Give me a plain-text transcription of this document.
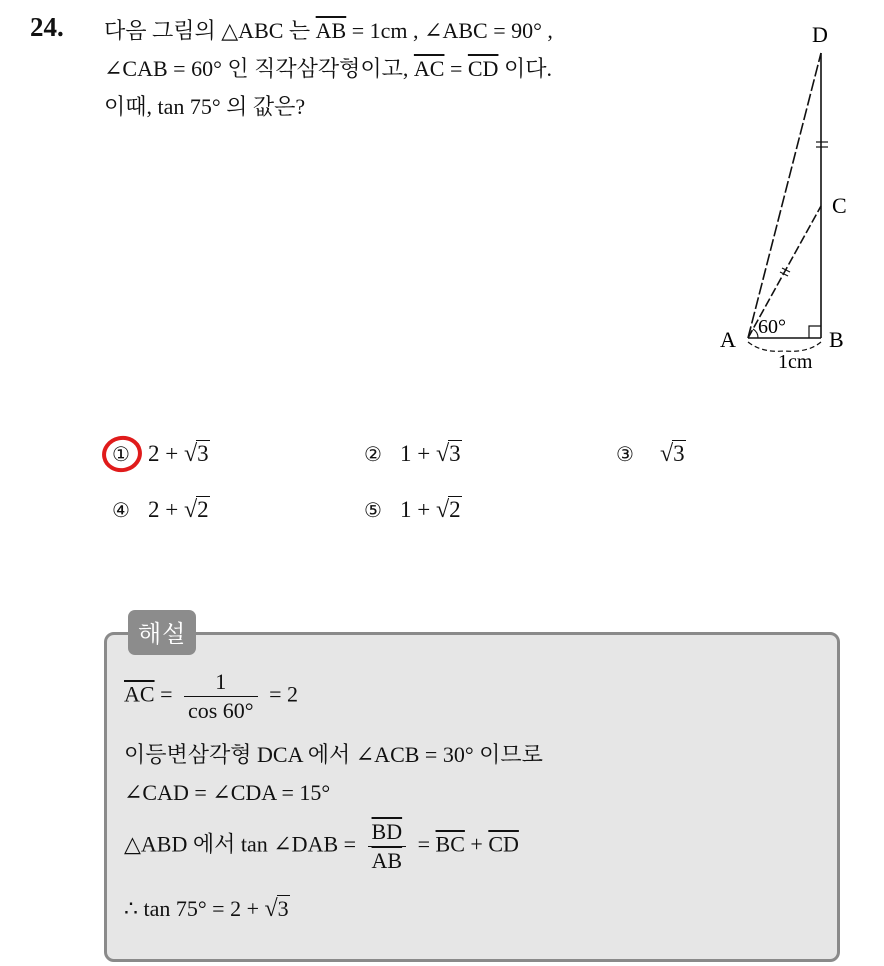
24. 다음 그림의 △ABC 는 $\overline{AB} = 1cm$ , ∠ABC = 90° ,
∠CAB = 60° 인 직각삼각형이고, $\overline{AC} = \overline{CD}$ 이다.
이때, tan 75° 의 값은?
D
C
A	B
60°
1cm
① 2 + √3	② 1 + √3	③ √3
④ 2 + √2	⑤ 1 + √2
해설
$\overline{AC} = \frac{1}{\cos 60^\circ} = 2$
이등변삼각형 DCA 에서 ∠ACB = 30° 이므로
∠CAD = ∠CDA = 15°
△ABD 에서 tan ∠DAB = $\frac{\overline{BD}}{AB} = \overline{BC} + \overline{CD}$
∴ tan 75° = 2 + √3
